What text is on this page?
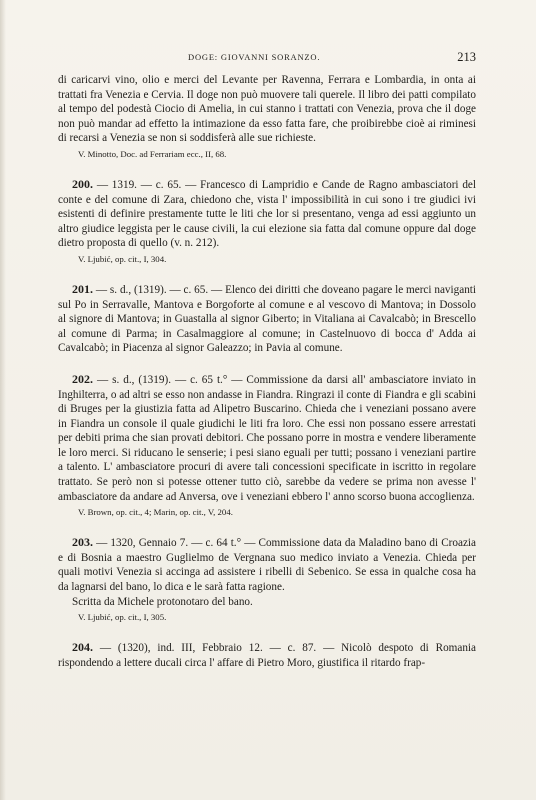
DOGE: GIOVANNI SORANZO.	213

di caricarvi vino, olio e merci del Levante per Ravenna, Ferrara e Lombardia, in onta ai trattati fra Venezia e Cervia. Il doge non può muovere tali querele. Il libro dei patti compilato al tempo del podestà Ciocio di Amelia, in cui stanno i trattati con Venezia, prova che il doge non può mandar ad effetto la intimazione da esso fatta fare, che proibirebbe cioè ai riminesi di recarsi a Venezia se non si soddisferà alle sue richieste.

V. Minotto, Doc. ad Ferrariam ecc., II, 68.

200. — 1319. — c. 65. — Francesco di Lampridio e Cande de Ragno ambasciatori del conte e del comune di Zara, chiedono che, vista l' impossibilità in cui sono i tre giudici ivi esistenti di definire prestamente tutte le liti che lor si presentano, venga ad essi aggiunto un altro giudice leggista per le cause civili, la cui elezione sia fatta dal comune oppure dal doge dietro proposta di quello (v. n. 212).

V. Ljubić, op. cit., I, 304.

201. — s. d., (1319). — c. 65. — Elenco dei diritti che doveano pagare le merci naviganti sul Po in Serravalle, Mantova e Borgoforte al comune e al vescovo di Mantova; in Dossolo al signore di Mantova; in Guastalla al signor Giberto; in Vitaliana ai Cavalcabò; in Brescello al comune di Parma; in Casalmaggiore al comune; in Castelnuovo di bocca d' Adda ai Cavalcabò; in Piacenza al signor Galeazzo; in Pavia al comune.

202. — s. d., (1319). — c. 65 t.° — Commissione da darsi all' ambasciatore inviato in Inghilterra, o ad altri se esso non andasse in Fiandra. Ringrazi il conte di Fiandra e gli scabini di Bruges per la giustizia fatta ad Alipetro Buscarino. Chieda che i veneziani possano avere in Fiandra un console il quale giudichi le liti fra loro. Che essi non possano essere arrestati per debiti prima che sian provati debitori. Che possano porre in mostra e vendere liberamente le loro merci. Si riducano le senserie; i pesi siano eguali per tutti; possano i veneziani partire a talento. L' ambasciatore procuri di avere tali concessioni specificate in iscritto in regolare trattato. Se però non si potesse ottener tutto ciò, sarebbe da vedere se prima non avesse l' ambasciatore da andare ad Anversa, ove i veneziani ebbero l' anno scorso buona accoglienza.

V. Brown, op. cit., 4; Marin, op. cit., V, 204.

203. — 1320, Gennaio 7. — c. 64 t.° — Commissione data da Maladino bano di Croazia e di Bosnia a maestro Guglielmo de Vergnana suo medico inviato a Venezia. Chieda per quali motivi Venezia si accinga ad assistere i ribelli di Sebenico. Se essa in qualche cosa ha da lagnarsi del bano, lo dica e le sarà fatta ragione.

Scritta da Michele protonotaro del bano.

V. Ljubić, op. cit., I, 305.

204. — (1320), ind. III, Febbraio 12. — c. 87. — Nicolò despoto di Romania rispondendo a lettere ducali circa l' affare di Pietro Moro, giustifica il ritardo frap-
